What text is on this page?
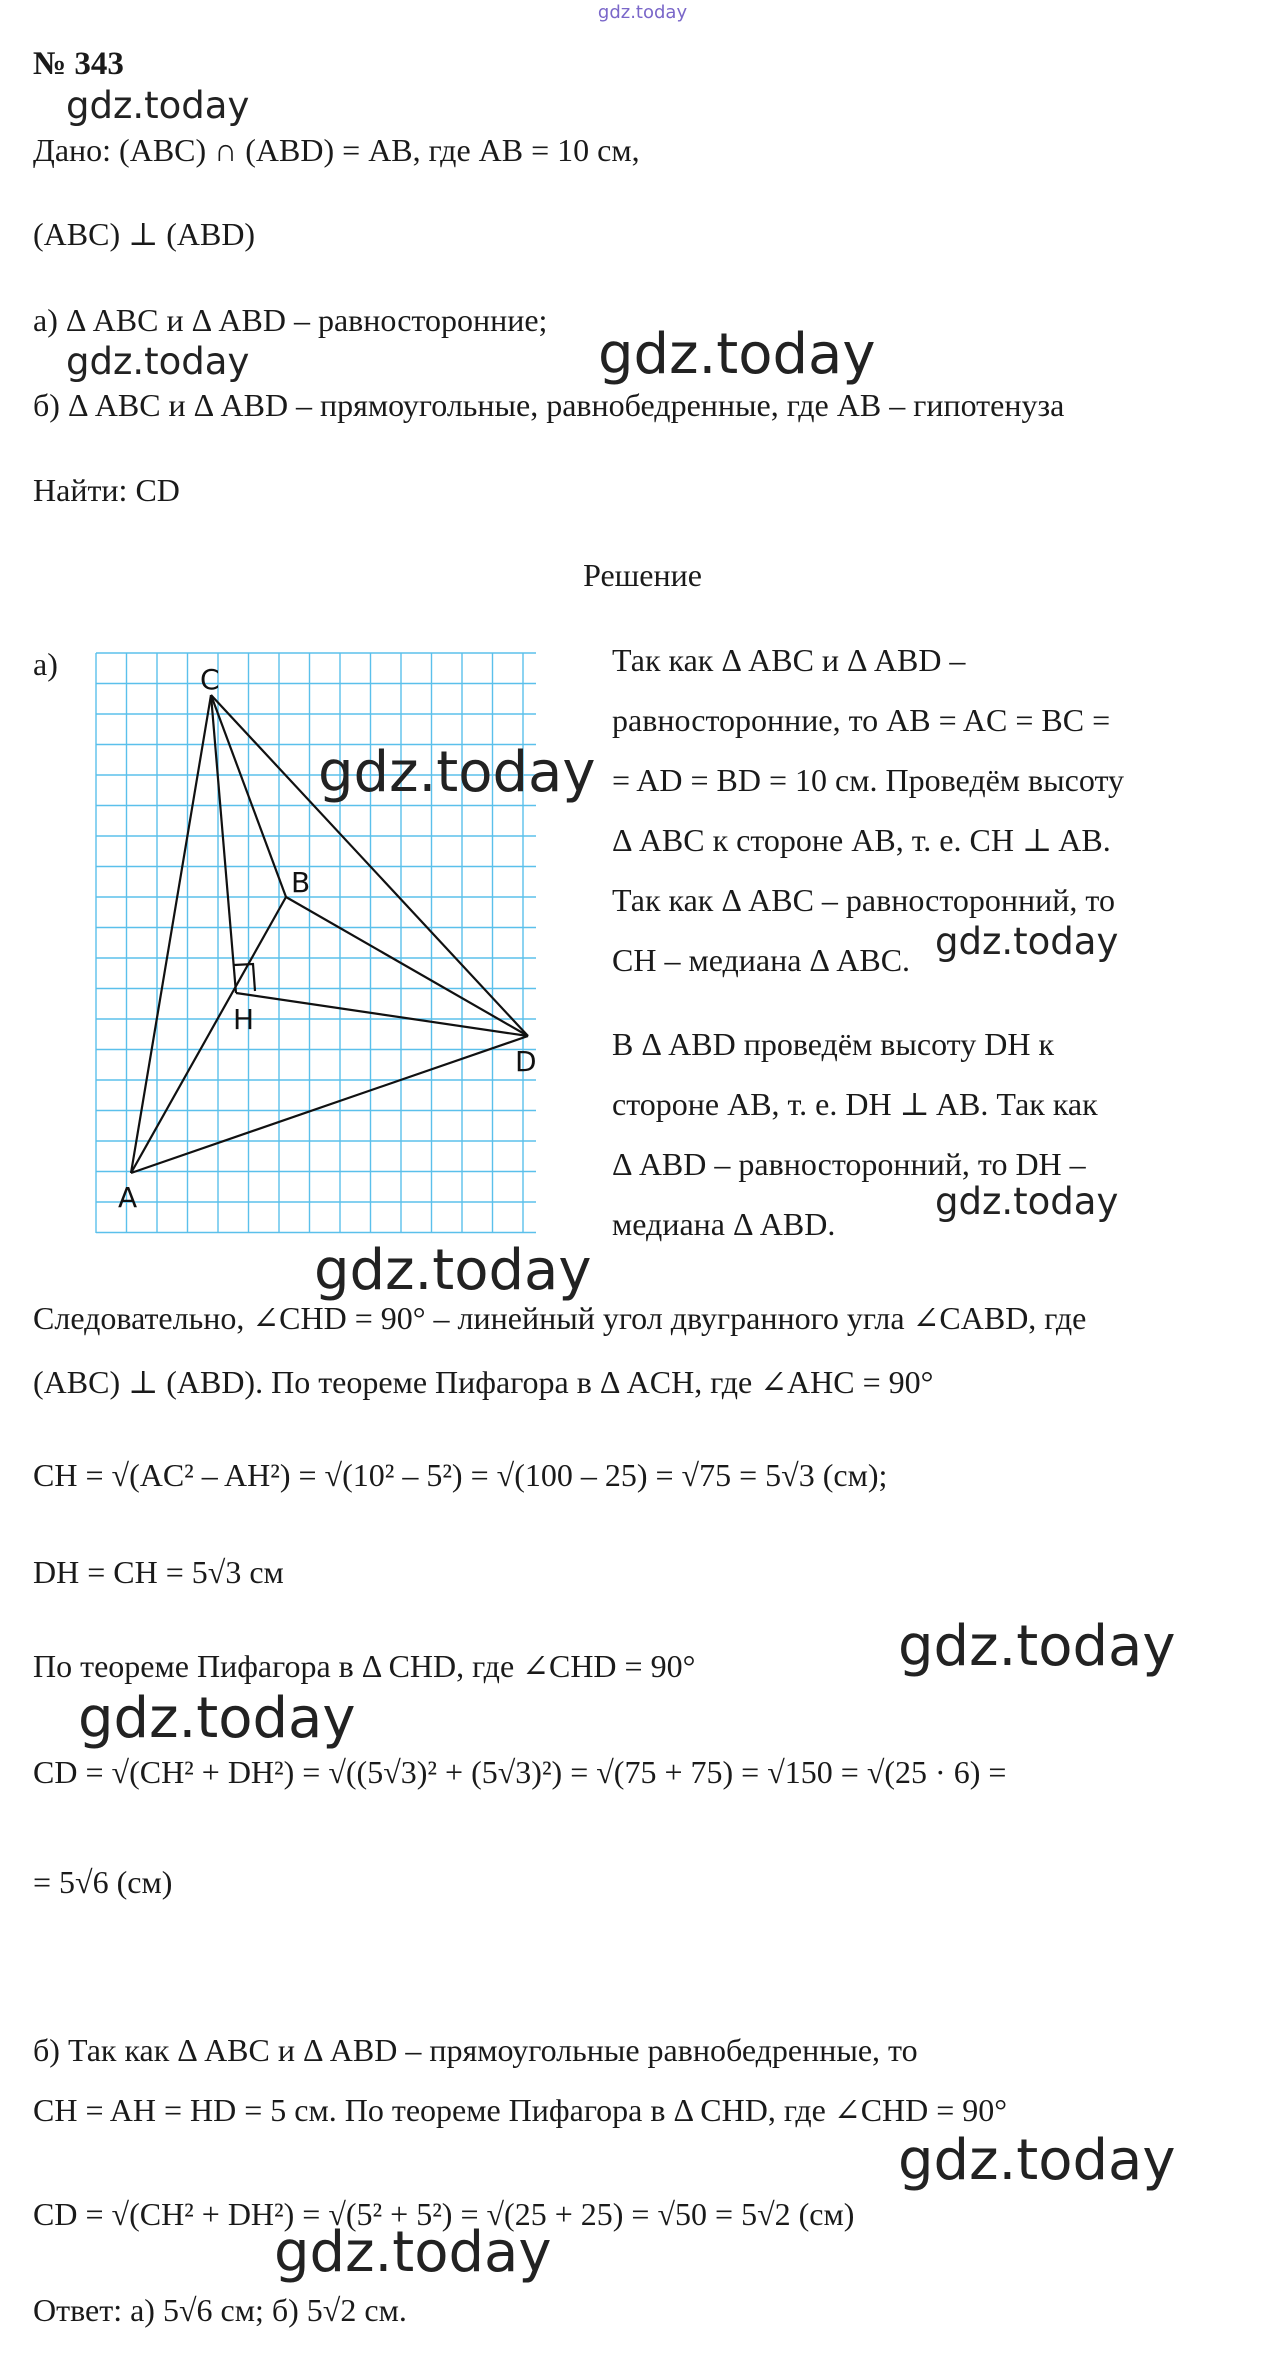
gdz.today
№ 343
gdz.today
Дано: (ABC) ∩ (ABD) = AB, где AB = 10 см,
(ABC) ⊥ (ABD)
а) Δ ABC и Δ ABD – равносторонние;
gdz.today	gdz.today
б) Δ ABC и Δ ABD – прямоугольные, равнобедренные, где AB – гипотенуза
Найти: CD
Решение
а)	C
B
H
D
A
gdz.today
Так как Δ ABC и Δ ABD –
равносторонние, то AB = AC = BC =
= AD = BD = 10 см. Проведём высоту
Δ ABC к стороне AB, т. е. CH ⊥ AB.
Так как Δ ABC – равносторонний, то
CH – медиана Δ ABC. gdz.today
В Δ ABD проведём высоту DH к
стороне AB, т. е. DH ⊥ AB. Так как
Δ ABD – равносторонний, то DH –
медиана Δ ABD.
gdz.today
gdz.today
Следовательно, ∠CHD = 90° – линейный угол двугранного угла ∠CABD, где
(ABC) ⊥ (ABD). По теореме Пифагора в Δ ACH, где ∠AHC = 90°
CH = √(AC² – AH²) = √(10² – 5²) = √(100 – 25) = √75 = 5√3 (см);
DH = CH = 5√3 см
gdz.today
По теореме Пифагора в Δ CHD, где ∠CHD = 90°
gdz.today
CD = √(CH² + DH²) = √((5√3)² + (5√3)²) = √(75 + 75) = √150 = √(25 · 6) =
= 5√6 (см)
б) Так как Δ ABC и Δ ABD – прямоугольные равнобедренные, то
CH = AH = HD = 5 см. По теореме Пифагора в Δ CHD, где ∠CHD = 90°
gdz.today
CD = √(CH² + DH²) = √(5² + 5²) = √(25 + 25) = √50 = 5√2 (см)
gdz.today
Ответ: а) 5√6 см; б) 5√2 см.
